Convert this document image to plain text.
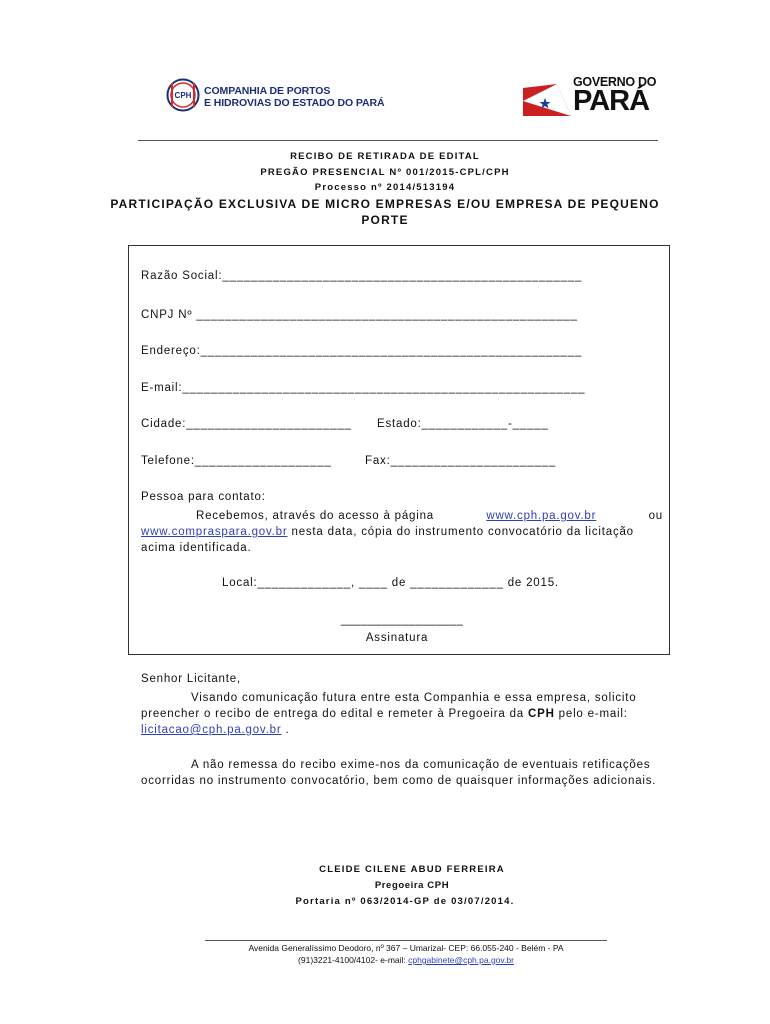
CPH COMPANHIA DE PORTOS
E HIDROVIAS DO ESTADO DO PARÁ
GOVERNO DO
PARÁ
RECIBO DE RETIRADA DE EDITAL
PREGÃO PRESENCIAL Nº 001/2015-CPL/CPH
Processo nº 2014/513194
PARTICIPAÇÃO EXCLUSIVA DE MICRO EMPRESAS E/OU EMPRESA DE PEQUENO
PORTE
Razão Social:__________________________________________________
CNPJ Nº _____________________________________________________
Endereço:_____________________________________________________
E-mail:________________________________________________________
Cidade:_______________________ Estado:____________-_____
Telefone:___________________	Fax:_______________________
Pessoa para contato:
Recebemos, através do acesso à página	www.cph.pa.gov.br	ou
www.compraspara.gov.br nesta data, cópia do instrumento convocatório da licitação
acima identificada.
Local:_____________, ____ de _____________ de 2015.
__________________
Assinatura
Senhor Licitante,
Visando comunicação futura entre esta Companhia e essa empresa, solicito
preencher o recibo de entrega do edital e remeter à Pregoeira da CPH pelo e-mail:
licitacao@cph.pa.gov.br .
A não remessa do recibo exime-nos da comunicação de eventuais retificações
ocorridas no instrumento convocatório, bem como de quaisquer informações adicionais.
CLEIDE CILENE ABUD FERREIRA
Pregoeira CPH
Portaria nº 063/2014-GP de 03/07/2014.
Avenida Generalíssimo Deodoro, nº 367 – Umarizal- CEP: 66.055-240 - Belém - PA
(91)3221-4100/4102- e-mail: cphgabinete@cph.pa.gov.br
